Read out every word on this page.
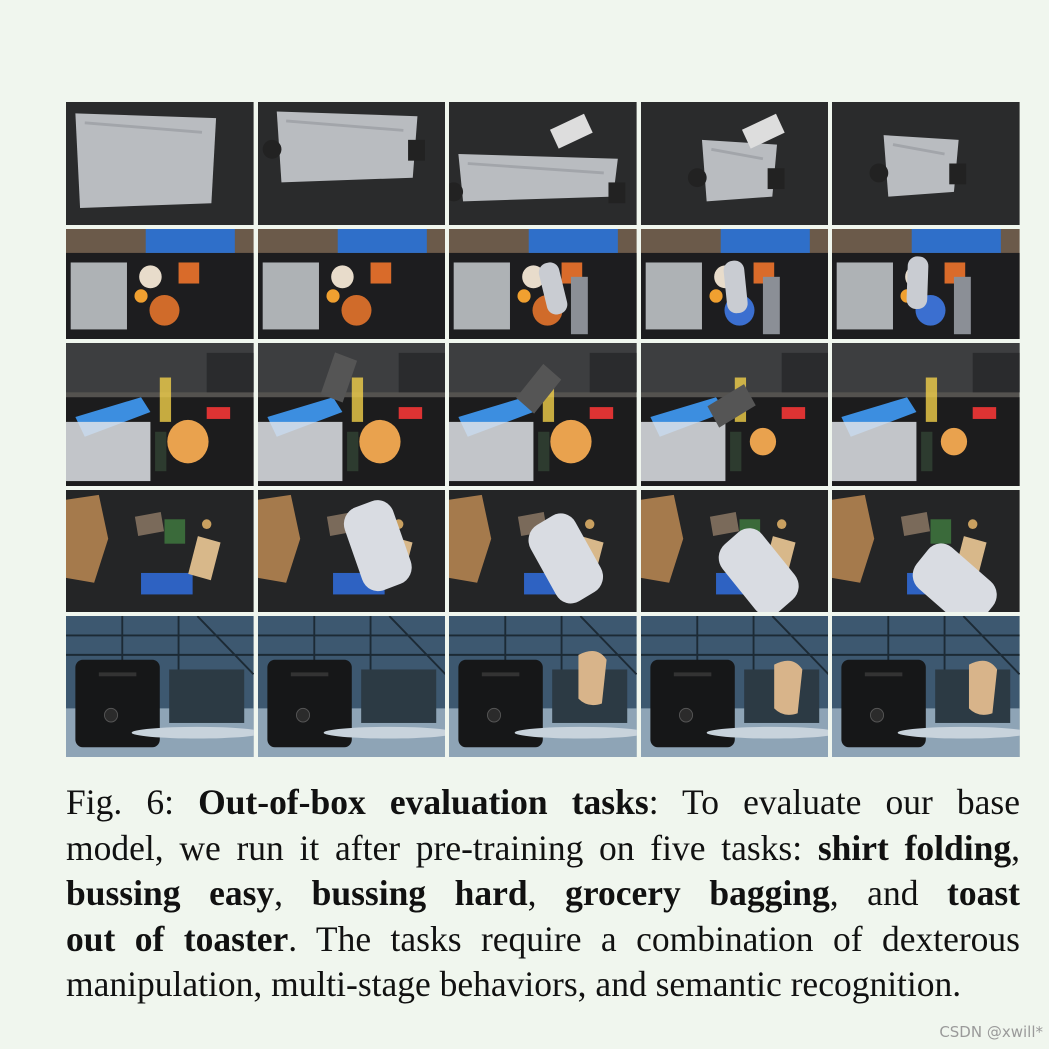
Fig. 6: Out-of-box evaluation tasks: To evaluate our base
model, we run it after pre-training on five tasks: shirt folding,
bussing easy, bussing hard, grocery bagging, and toast
out of toaster. The tasks require a combination of dexterous
manipulation, multi-stage behaviors, and semantic recognition.
CSDN @xwill*
